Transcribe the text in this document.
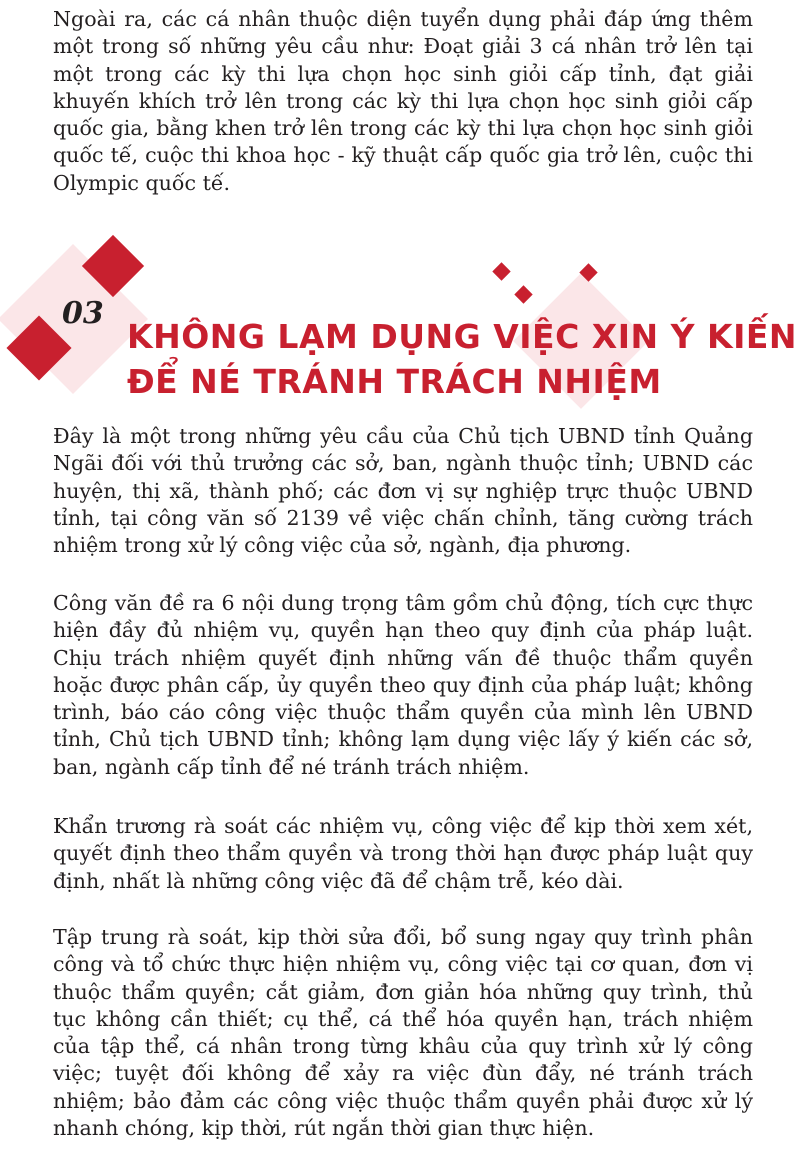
Ngoài ra, các cá nhân thuộc diện tuyển dụng phải đáp ứng thêm một trong số những yêu cầu như: Đoạt giải 3 cá nhân trở lên tại một trong các kỳ thi lựa chọn học sinh giỏi cấp tỉnh, đạt giải khuyến khích trở lên trong các kỳ thi lựa chọn học sinh giỏi cấp quốc gia, bằng khen trở lên trong các kỳ thi lựa chọn học sinh giỏi quốc tế, cuộc thi khoa học - kỹ thuật cấp quốc gia trở lên, cuộc thi Olympic quốc tế.

03
KHÔNG LẠM DỤNG VIỆC XIN Ý KIẾN
ĐỂ NÉ TRÁNH TRÁCH NHIỆM

Đây là một trong những yêu cầu của Chủ tịch UBND tỉnh Quảng Ngãi đối với thủ trưởng các sở, ban, ngành thuộc tỉnh; UBND các huyện, thị xã, thành phố; các đơn vị sự nghiệp trực thuộc UBND tỉnh, tại công văn số 2139 về việc chấn chỉnh, tăng cường trách nhiệm trong xử lý công việc của sở, ngành, địa phương.

Công văn đề ra 6 nội dung trọng tâm gồm chủ động, tích cực thực hiện đầy đủ nhiệm vụ, quyền hạn theo quy định của pháp luật. Chịu trách nhiệm quyết định những vấn đề thuộc thẩm quyền hoặc được phân cấp, ủy quyền theo quy định của pháp luật; không trình, báo cáo công việc thuộc thẩm quyền của mình lên UBND tỉnh, Chủ tịch UBND tỉnh; không lạm dụng việc lấy ý kiến các sở, ban, ngành cấp tỉnh để né tránh trách nhiệm.

Khẩn trương rà soát các nhiệm vụ, công việc để kịp thời xem xét, quyết định theo thẩm quyền và trong thời hạn được pháp luật quy định, nhất là những công việc đã để chậm trễ, kéo dài.

Tập trung rà soát, kịp thời sửa đổi, bổ sung ngay quy trình phân công và tổ chức thực hiện nhiệm vụ, công việc tại cơ quan, đơn vị thuộc thẩm quyền; cắt giảm, đơn giản hóa những quy trình, thủ tục không cần thiết; cụ thể, cá thể hóa quyền hạn, trách nhiệm của tập thể, cá nhân trong từng khâu của quy trình xử lý công việc; tuyệt đối không để xảy ra việc đùn đẩy, né tránh trách nhiệm; bảo đảm các công việc thuộc thẩm quyền phải được xử lý nhanh chóng, kịp thời, rút ngắn thời gian thực hiện.
